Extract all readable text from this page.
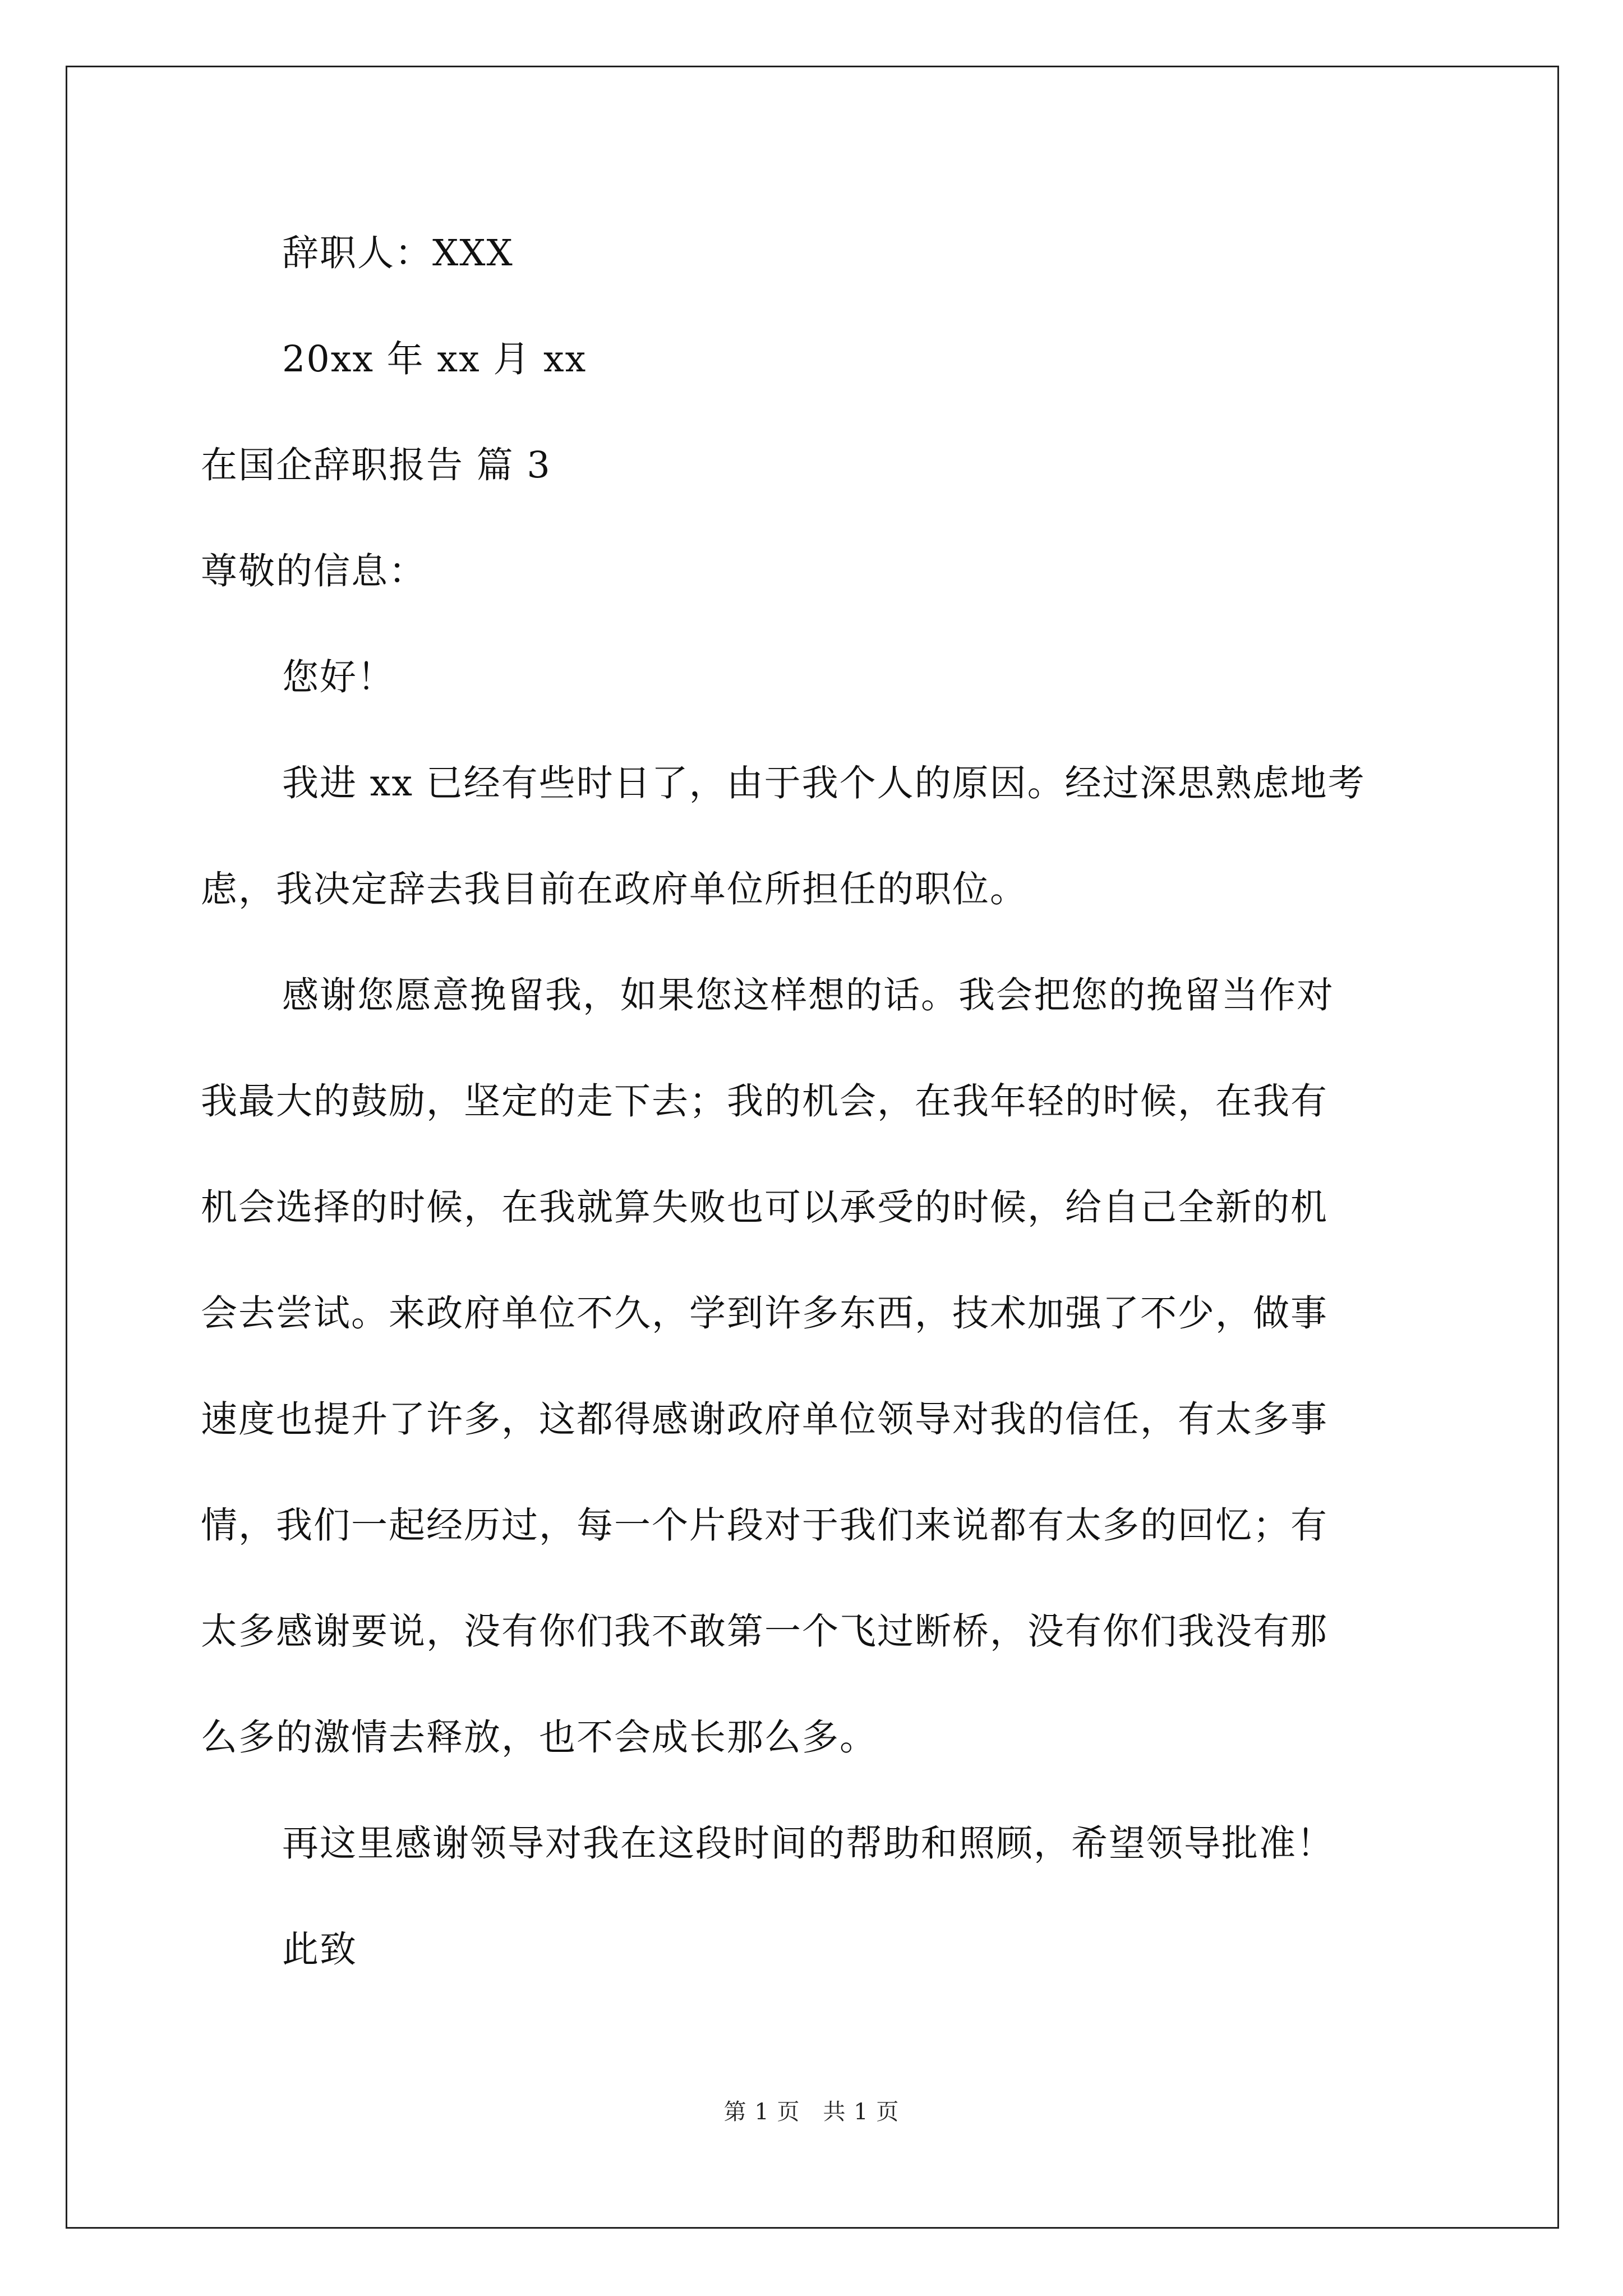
辞职人：XXX
20xx 年 xx 月 xx
在国企辞职报告 篇 3
尊敬的信息：
您好！
我进 xx 已经有些时日了，由于我个人的原因。经过深思熟虑地考
虑，我决定辞去我目前在政府单位所担任的职位。
感谢您愿意挽留我，如果您这样想的话。我会把您的挽留当作对
我最大的鼓励，坚定的走下去；我的机会，在我年轻的时候，在我有
机会选择的时候，在我就算失败也可以承受的时候，给自己全新的机
会去尝试。来政府单位不久，学到许多东西，技术加强了不少，做事
速度也提升了许多，这都得感谢政府单位领导对我的信任，有太多事
情，我们一起经历过，每一个片段对于我们来说都有太多的回忆；有
太多感谢要说，没有你们我不敢第一个飞过断桥，没有你们我没有那
么多的激情去释放，也不会成长那么多。
再这里感谢领导对我在这段时间的帮助和照顾，希望领导批准！
此致
第 1 页　共 1 页
